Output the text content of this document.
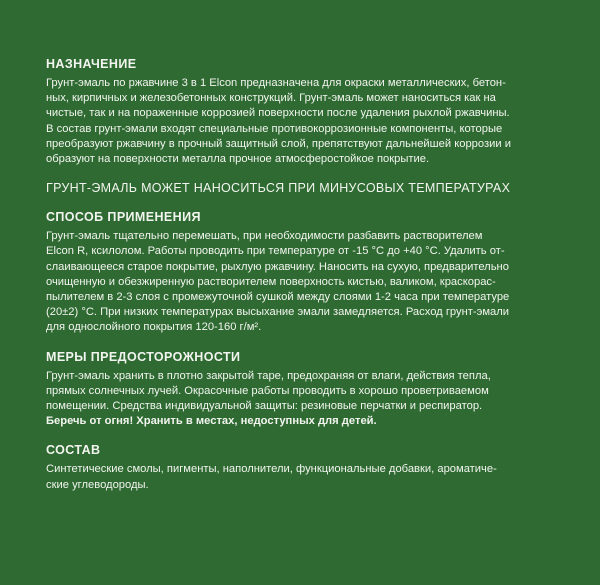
НАЗНАЧЕНИЕ

Грунт-эмаль по ржавчине 3 в 1 Elcon предназначена для окраски металлических, бетон-
ных, кирпичных и железобетонных конструкций. Грунт-эмаль может наноситься как на
чистые, так и на пораженные коррозией поверхности после удаления рыхлой ржавчины.
В состав грунт-эмали входят специальные противокоррозионные компоненты, которые
преобразуют ржавчину в прочный защитный слой, препятствуют дальнейшей коррозии и
образуют на поверхности металла прочное атмосферостойкое покрытие.

ГРУНТ-ЭМАЛЬ МОЖЕТ НАНОСИТЬСЯ ПРИ МИНУСОВЫХ ТЕМПЕРАТУРАХ

СПОСОБ ПРИМЕНЕНИЯ

Грунт-эмаль тщательно перемешать, при необходимости разбавить растворителем
Elcon R, ксилолом. Работы проводить при температуре от -15 °С до +40 °С. Удалить от-
слаивающееся старое покрытие, рыхлую ржавчину. Наносить на сухую, предварительно
очищенную и обезжиренную растворителем поверхность кистью, валиком, краскорас-
пылителем в 2-3 слоя с промежуточной сушкой между слоями 1-2 часа при температуре
(20±2) °С. При низких температурах высыхание эмали замедляется. Расход грунт-эмали
для однослойного покрытия 120-160 г/м².

МЕРЫ ПРЕДОСТОРОЖНОСТИ

Грунт-эмаль хранить в плотно закрытой таре, предохраняя от влаги, действия тепла,
прямых солнечных лучей. Окрасочные работы проводить в хорошо проветриваемом
помещении. Средства индивидуальной защиты: резиновые перчатки и респиратор.
Беречь от огня! Хранить в местах, недоступных для детей.

СОСТАВ

Синтетические смолы, пигменты, наполнители, функциональные добавки, ароматиче-
ские углеводороды.
